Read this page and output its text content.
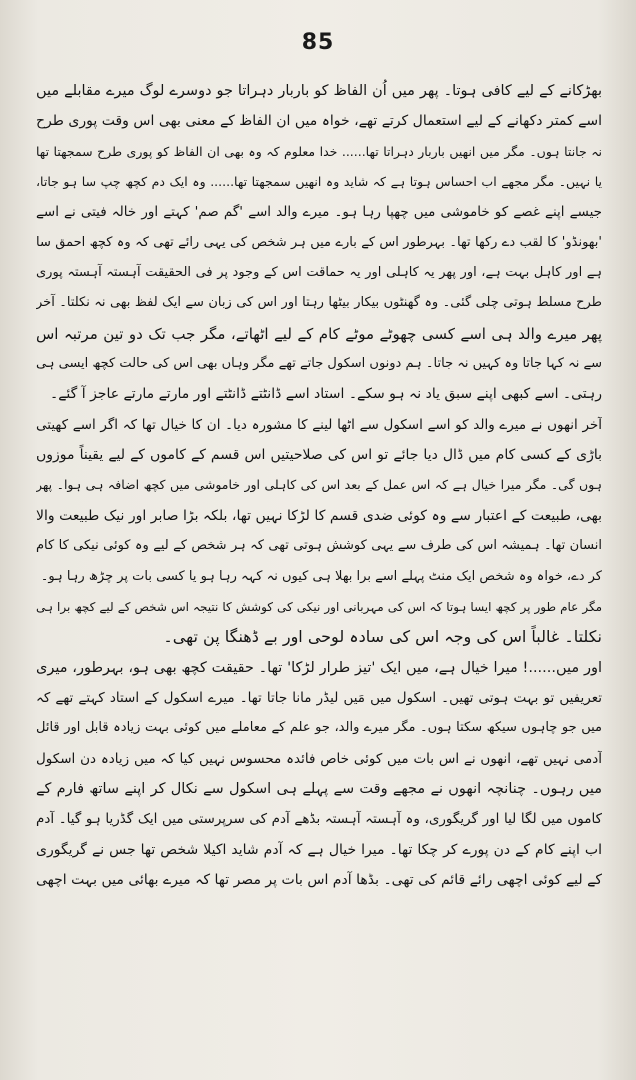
85
بھڑکانے کے لیے کافی ہوتا۔ پھر میں اُن الفاظ کو باربار دہراتا جو دوسرے لوگ میرے مقابلے میں
اسے کمتر دکھانے کے لیے استعمال کرتے تھے، خواہ میں ان الفاظ کے معنی بھی اس وقت پوری طرح
نہ جانتا ہوں۔ مگر میں انھیں باربار دہراتا تھا...... خدا معلوم کہ وہ بھی ان الفاظ کو پوری طرح سمجھتا تھا
یا نہیں۔ مگر مجھے اب احساس ہوتا ہے کہ شاید وہ انھیں سمجھتا تھا...... وہ ایک دم کچھ چپ سا ہو جاتا،
جیسے اپنے غصے کو خاموشی میں چھپا رہا ہو۔ میرے والد اسے 'گم صم' کہتے اور خالہ فیتی نے اسے
'بھونڈو' کا لقب دے رکھا تھا۔ بہرطور اس کے بارے میں ہر شخص کی یہی رائے تھی کہ وہ کچھ احمق سا
ہے اور کاہل بہت ہے، اور پھر یہ کاہلی اور یہ حماقت اس کے وجود پر فی الحقیقت آہستہ آہستہ پوری
طرح مسلط ہوتی چلی گئی۔ وہ گھنٹوں بیکار بیٹھا رہتا اور اس کی زبان سے ایک لفظ بھی نہ نکلتا۔ آخر
پھر میرے والد ہی اسے کسی چھوٹے موٹے کام کے لیے اٹھاتے، مگر جب تک دو تین مرتبہ اس
سے نہ کہا جاتا وہ کہیں نہ جاتا۔ ہم دونوں اسکول جاتے تھے مگر وہاں بھی اس کی حالت کچھ ایسی ہی
رہتی۔ اسے کبھی اپنے سبق یاد نہ ہو سکے۔ استاد اسے ڈانٹتے ڈانٹتے اور مارتے مارتے عاجز آ گئے۔
آخر انھوں نے میرے والد کو اسے اسکول سے اٹھا لینے کا مشورہ دیا۔ ان کا خیال تھا کہ اگر اسے کھیتی
باڑی کے کسی کام میں ڈال دیا جائے تو اس کی صلاحیتیں اس قسم کے کاموں کے لیے یقیناً موزوں
ہوں گی۔ مگر میرا خیال ہے کہ اس عمل کے بعد اس کی کاہلی اور خاموشی میں کچھ اضافہ ہی ہوا۔ پھر
بھی، طبیعت کے اعتبار سے وہ کوئی ضدی قسم کا لڑکا نہیں تھا، بلکہ بڑا صابر اور نیک طبیعت والا
انسان تھا۔ ہمیشہ اس کی طرف سے یہی کوشش ہوتی تھی کہ ہر شخص کے لیے وہ کوئی نیکی کا کام
کر دے، خواہ وہ شخص ایک منٹ پہلے اسے برا بھلا ہی کیوں نہ کہہ رہا ہو یا کسی بات پر چڑھ رہا ہو۔
مگر عام طور پر کچھ ایسا ہوتا کہ اس کی مہربانی اور نیکی کی کوشش کا نتیجہ اس شخص کے لیے کچھ برا ہی
نکلتا۔ غالباً اس کی وجہ اس کی سادہ لوحی اور بے ڈھنگا پن تھی۔
اور میں......! میرا خیال ہے، میں ایک 'تیز طرار لڑکا' تھا۔ حقیقت کچھ بھی ہو، بہرطور، میری
تعریفیں تو بہت ہوتی تھیں۔ اسکول میں مَیں لیڈر مانا جاتا تھا۔ میرے اسکول کے استاد کہتے تھے کہ
میں جو چاہوں سیکھ سکتا ہوں۔ مگر میرے والد، جو علم کے معاملے میں کوئی بہت زیادہ قابل اور قائل
آدمی نہیں تھے، انھوں نے اس بات میں کوئی خاص فائدہ محسوس نہیں کیا کہ میں زیادہ دن اسکول
میں رہوں۔ چنانچہ انھوں نے مجھے وقت سے پہلے ہی اسکول سے نکال کر اپنے ساتھ فارم کے
کاموں میں لگا لیا اور گریگوری، وہ آہستہ آہستہ بڈھے آدم کی سرپرستی میں ایک گڈریا ہو گیا۔ آدم
اب اپنے کام کے دن پورے کر چکا تھا۔ میرا خیال ہے کہ آدم شاید اکیلا شخص تھا جس نے گریگوری
کے لیے کوئی اچھی رائے قائم کی تھی۔ بڈھا آدم اس بات پر مصر تھا کہ میرے بھائی میں بہت اچھی
